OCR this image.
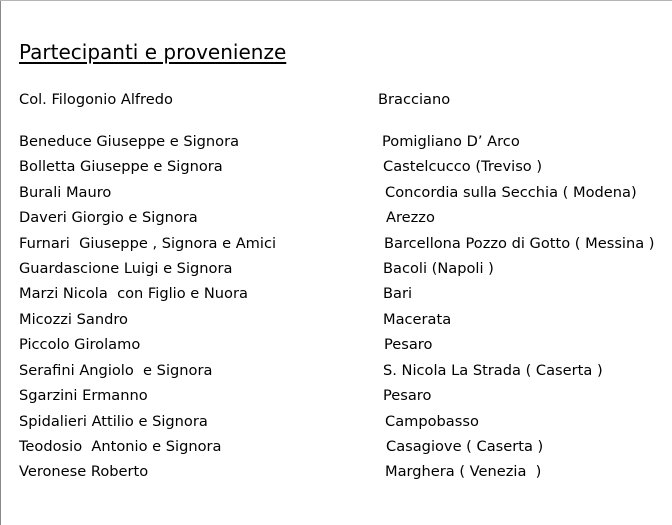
Partecipanti e provenienze
Col. Filogonio Alfredo	Bracciano
Beneduce Giuseppe e Signora	Pomigliano D’ Arco
Bolletta Giuseppe e Signora	Castelcucco (Treviso )
Burali Mauro	Concordia sulla Secchia ( Modena)
Daveri Giorgio e Signora	Arezzo
Furnari  Giuseppe , Signora e Amici	Barcellona Pozzo di Gotto ( Messina )
Guardascione Luigi e Signora	Bacoli (Napoli )
Marzi Nicola  con Figlio e Nuora	Bari
Micozzi Sandro	Macerata
Piccolo Girolamo	Pesaro
Serafini Angiolo  e Signora	S. Nicola La Strada ( Caserta )
Sgarzini Ermanno	Pesaro
Spidalieri Attilio e Signora	Campobasso
Teodosio  Antonio e Signora	Casagiove ( Caserta )
Veronese Roberto	Marghera ( Venezia  )
